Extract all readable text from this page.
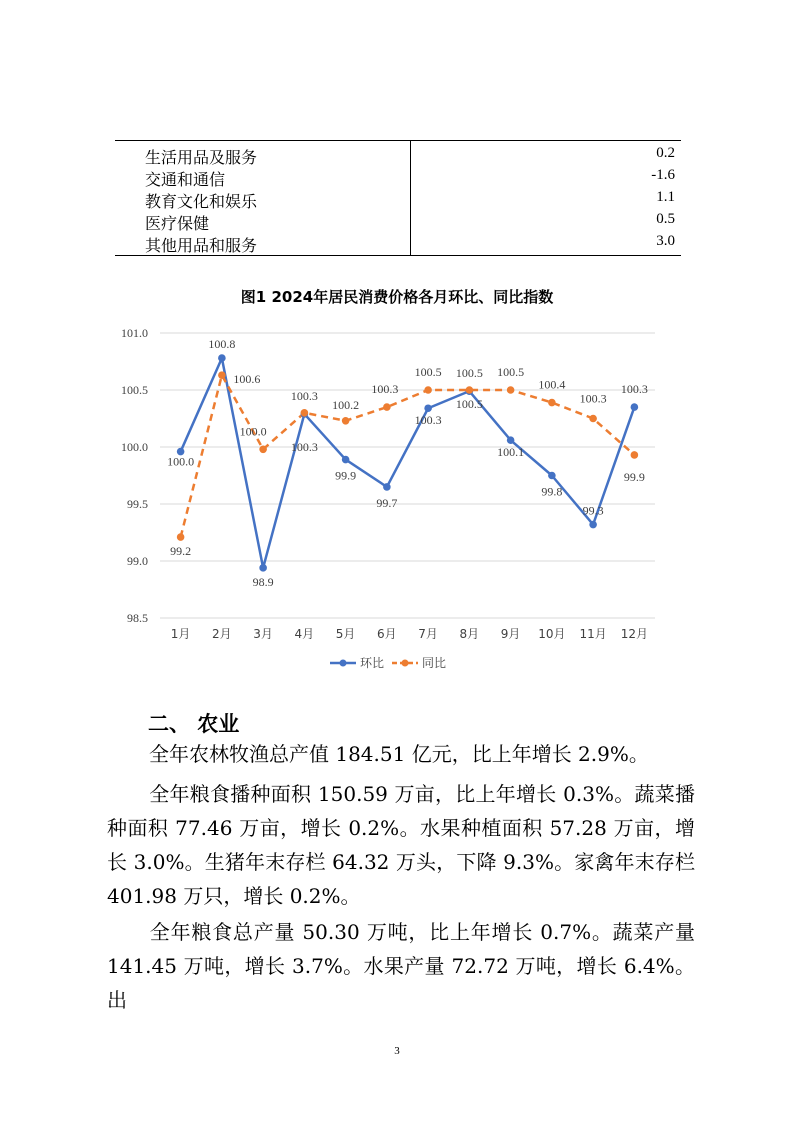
生活用品及服务	0.2
交通和通信	-1.6
教育文化和娱乐	1.1
医疗保健	0.5
其他用品和服务	3.0
图1 2024年居民消费价格各月环比、同比指数
98.5
99.0
99.5
100.0
100.5
101.0
1月 2月 3月 4月 5月 6月 7月 8月 9月 10月 11月 12月
100.0
100.8
98.9
100.3
99.9
99.7
100.3
100.5
100.1
99.8
99.3
100.3
99.2
100.6
100.0
100.3
100.2
100.3
100.5
100.5
100.5
100.4
100.3
99.9
环比	同比
二、 农业
全年农林牧渔总产值 184.51 亿元，比上年增长 2.9%。
全年粮食播种面积 150.59 万亩，比上年增长 0.3%。蔬菜播种面积 77.46 万亩，增长 0.2%。水果种植面积 57.28 万亩，增长 3.0%。生猪年末存栏 64.32 万头，下降 9.3%。家禽年末存栏 401.98 万只，增长 0.2%。
全年粮食总产量 50.30 万吨，比上年增长 0.7%。蔬菜产量 141.45 万吨，增长 3.7%。水果产量 72.72 万吨，增长 6.4%。出
3
